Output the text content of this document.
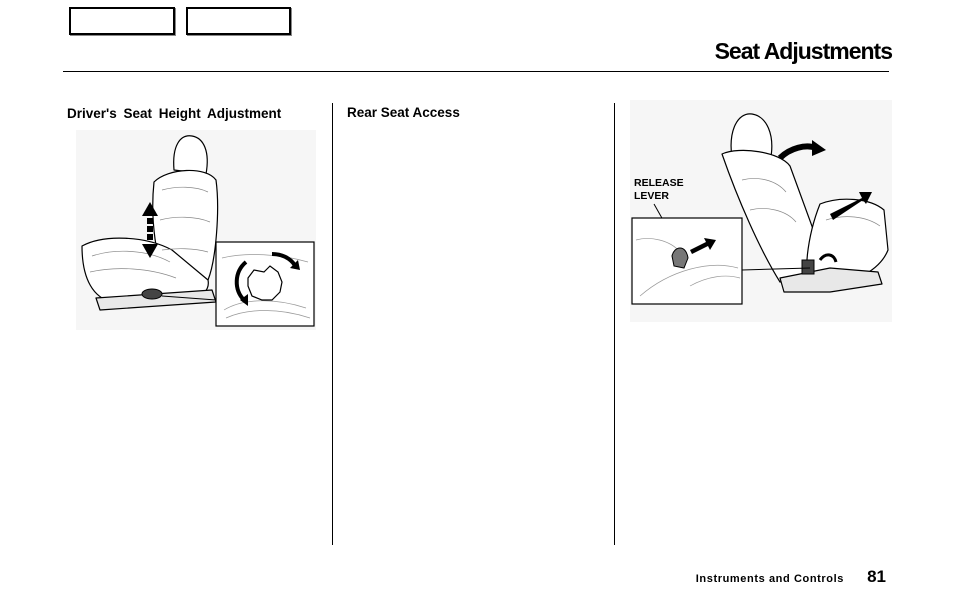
Seat Adjustments
Driver's Seat Height Adjustment	Rear Seat Access
RELEASE
LEVER
Instruments and Controls 81
